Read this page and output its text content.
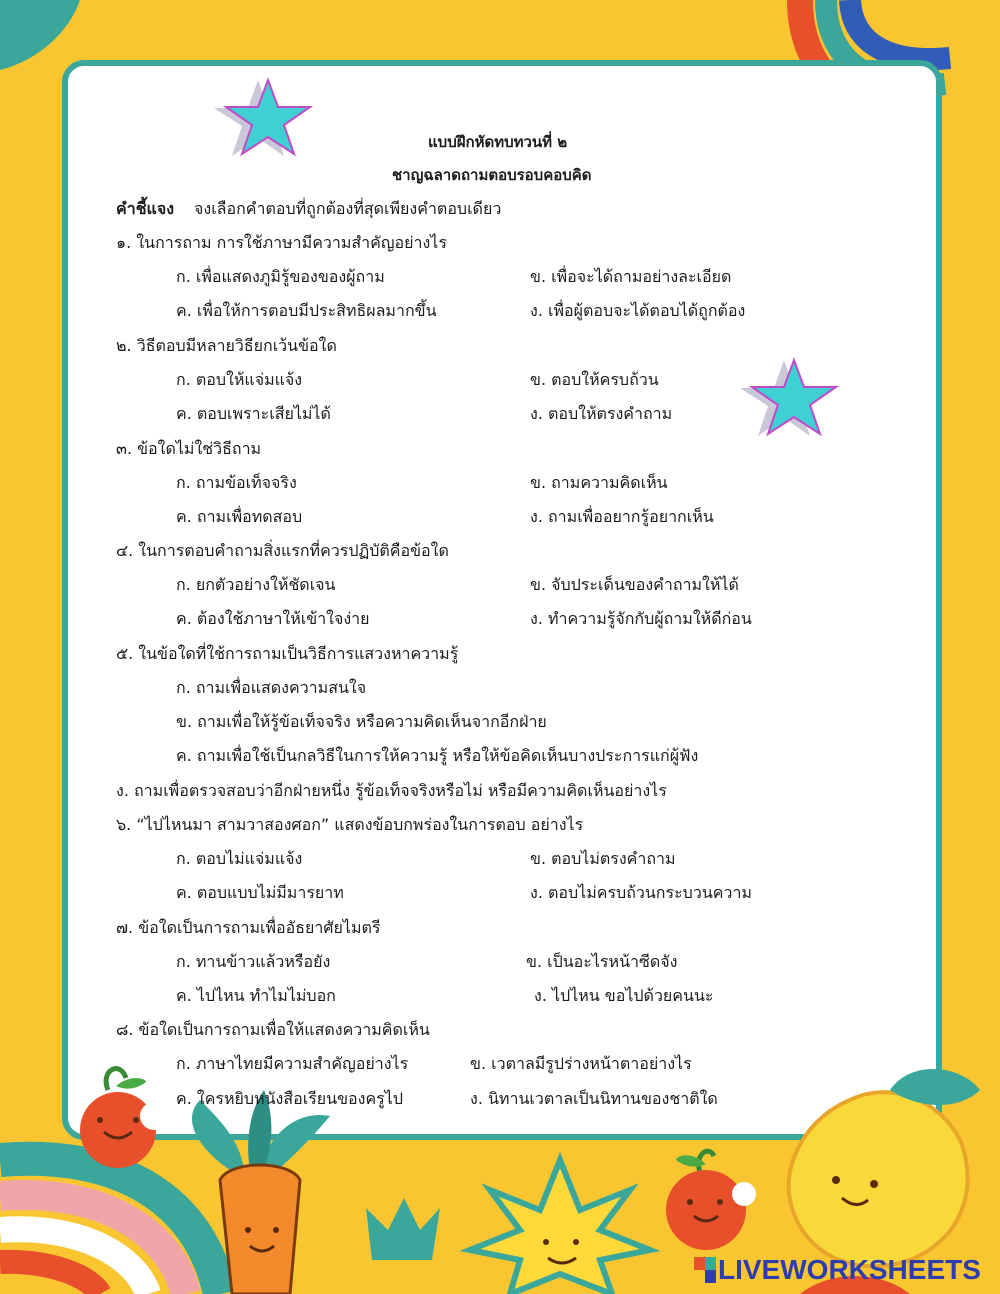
แบบฝึกหัดทบทวนที่ ๒
ชาญฉลาดถามตอบรอบคอบคิด
คำชี้แจง จงเลือกคำตอบที่ถูกต้องที่สุดเพียงคำตอบเดียว
๑. ในการถาม การใช้ภาษามีความสำคัญอย่างไร
ก. เพื่อแสดงภูมิรู้ของของผู้ถาม	ข. เพื่อจะได้ถามอย่างละเอียด
ค. เพื่อให้การตอบมีประสิทธิผลมากขึ้น	ง. เพื่อผู้ตอบจะได้ตอบได้ถูกต้อง
๒. วิธีตอบมีหลายวิธียกเว้นข้อใด
ก. ตอบให้แจ่มแจ้ง	ข. ตอบให้ครบถ้วน
ค. ตอบเพราะเสียไม่ได้	ง. ตอบให้ตรงคำถาม
๓. ข้อใดไม่ใช่วิธีถาม
ก. ถามข้อเท็จจริง	ข. ถามความคิดเห็น
ค. ถามเพื่อทดสอบ	ง. ถามเพื่ออยากรู้อยากเห็น
๔. ในการตอบคำถามสิ่งแรกที่ควรปฏิบัติคือข้อใด
ก. ยกตัวอย่างให้ชัดเจน	ข. จับประเด็นของคำถามให้ได้
ค. ต้องใช้ภาษาให้เข้าใจง่าย	ง. ทำความรู้จักกับผู้ถามให้ดีก่อน
๕. ในข้อใดที่ใช้การถามเป็นวิธีการแสวงหาความรู้
ก. ถามเพื่อแสดงความสนใจ
ข. ถามเพื่อให้รู้ข้อเท็จจริง หรือความคิดเห็นจากอีกฝ่าย
ค. ถามเพื่อใช้เป็นกลวิธีในการให้ความรู้ หรือให้ข้อคิดเห็นบางประการแก่ผู้ฟัง
ง. ถามเพื่อตรวจสอบว่าอีกฝ่ายหนึ่ง รู้ข้อเท็จจริงหรือไม่ หรือมีความคิดเห็นอย่างไร
๖. “ไปไหนมา สามวาสองศอก” แสดงข้อบกพร่องในการตอบ อย่างไร
ก. ตอบไม่แจ่มแจ้ง	ข. ตอบไม่ตรงคำถาม
ค. ตอบแบบไม่มีมารยาท	ง. ตอบไม่ครบถ้วนกระบวนความ
๗. ข้อใดเป็นการถามเพื่ออัธยาศัยไมตรี
ก. ทานข้าวแล้วหรือยัง	ข. เป็นอะไรหน้าซีดจัง
ค. ไปไหน ทำไมไม่บอก	ง. ไปไหน ขอไปด้วยคนนะ
๘. ข้อใดเป็นการถามเพื่อให้แสดงความคิดเห็น
ก. ภาษาไทยมีความสำคัญอย่างไร	ข. เวตาลมีรูปร่างหน้าตาอย่างไร
ค. ใครหยิบหนังสือเรียนของครูไป	ง. นิทานเวตาลเป็นนิทานของชาติใด
LIVEWORKSHEETS
